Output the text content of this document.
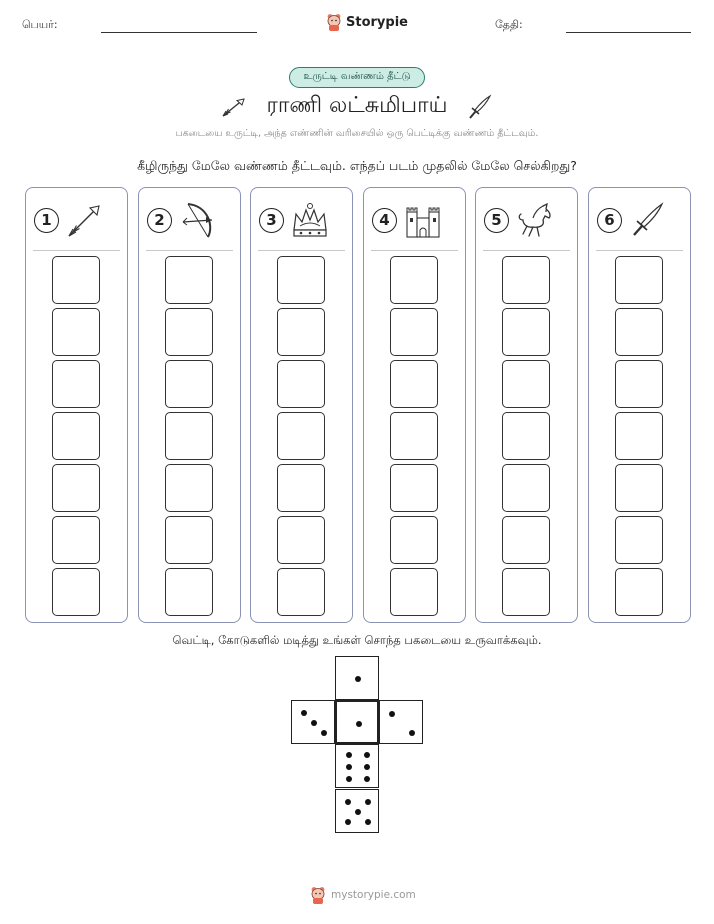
பெயர்:	Storypie	தேதி:
உருட்டி வண்ணம் தீட்டு
ராணி லட்சுமிபாய்
பகடையை உருட்டி, அந்த எண்ணின் வரிசையில் ஒரு பெட்டிக்கு வண்ணம் தீட்டவும்.
கீழிருந்து மேலே வண்ணம் தீட்டவும். எந்தப் படம் முதலில் மேலே செல்கிறது?
1	2	3	4	5	6
வெட்டி, கோடுகளில் மடித்து உங்கள் சொந்த பகடையை உருவாக்கவும்.
mystorypie.com
